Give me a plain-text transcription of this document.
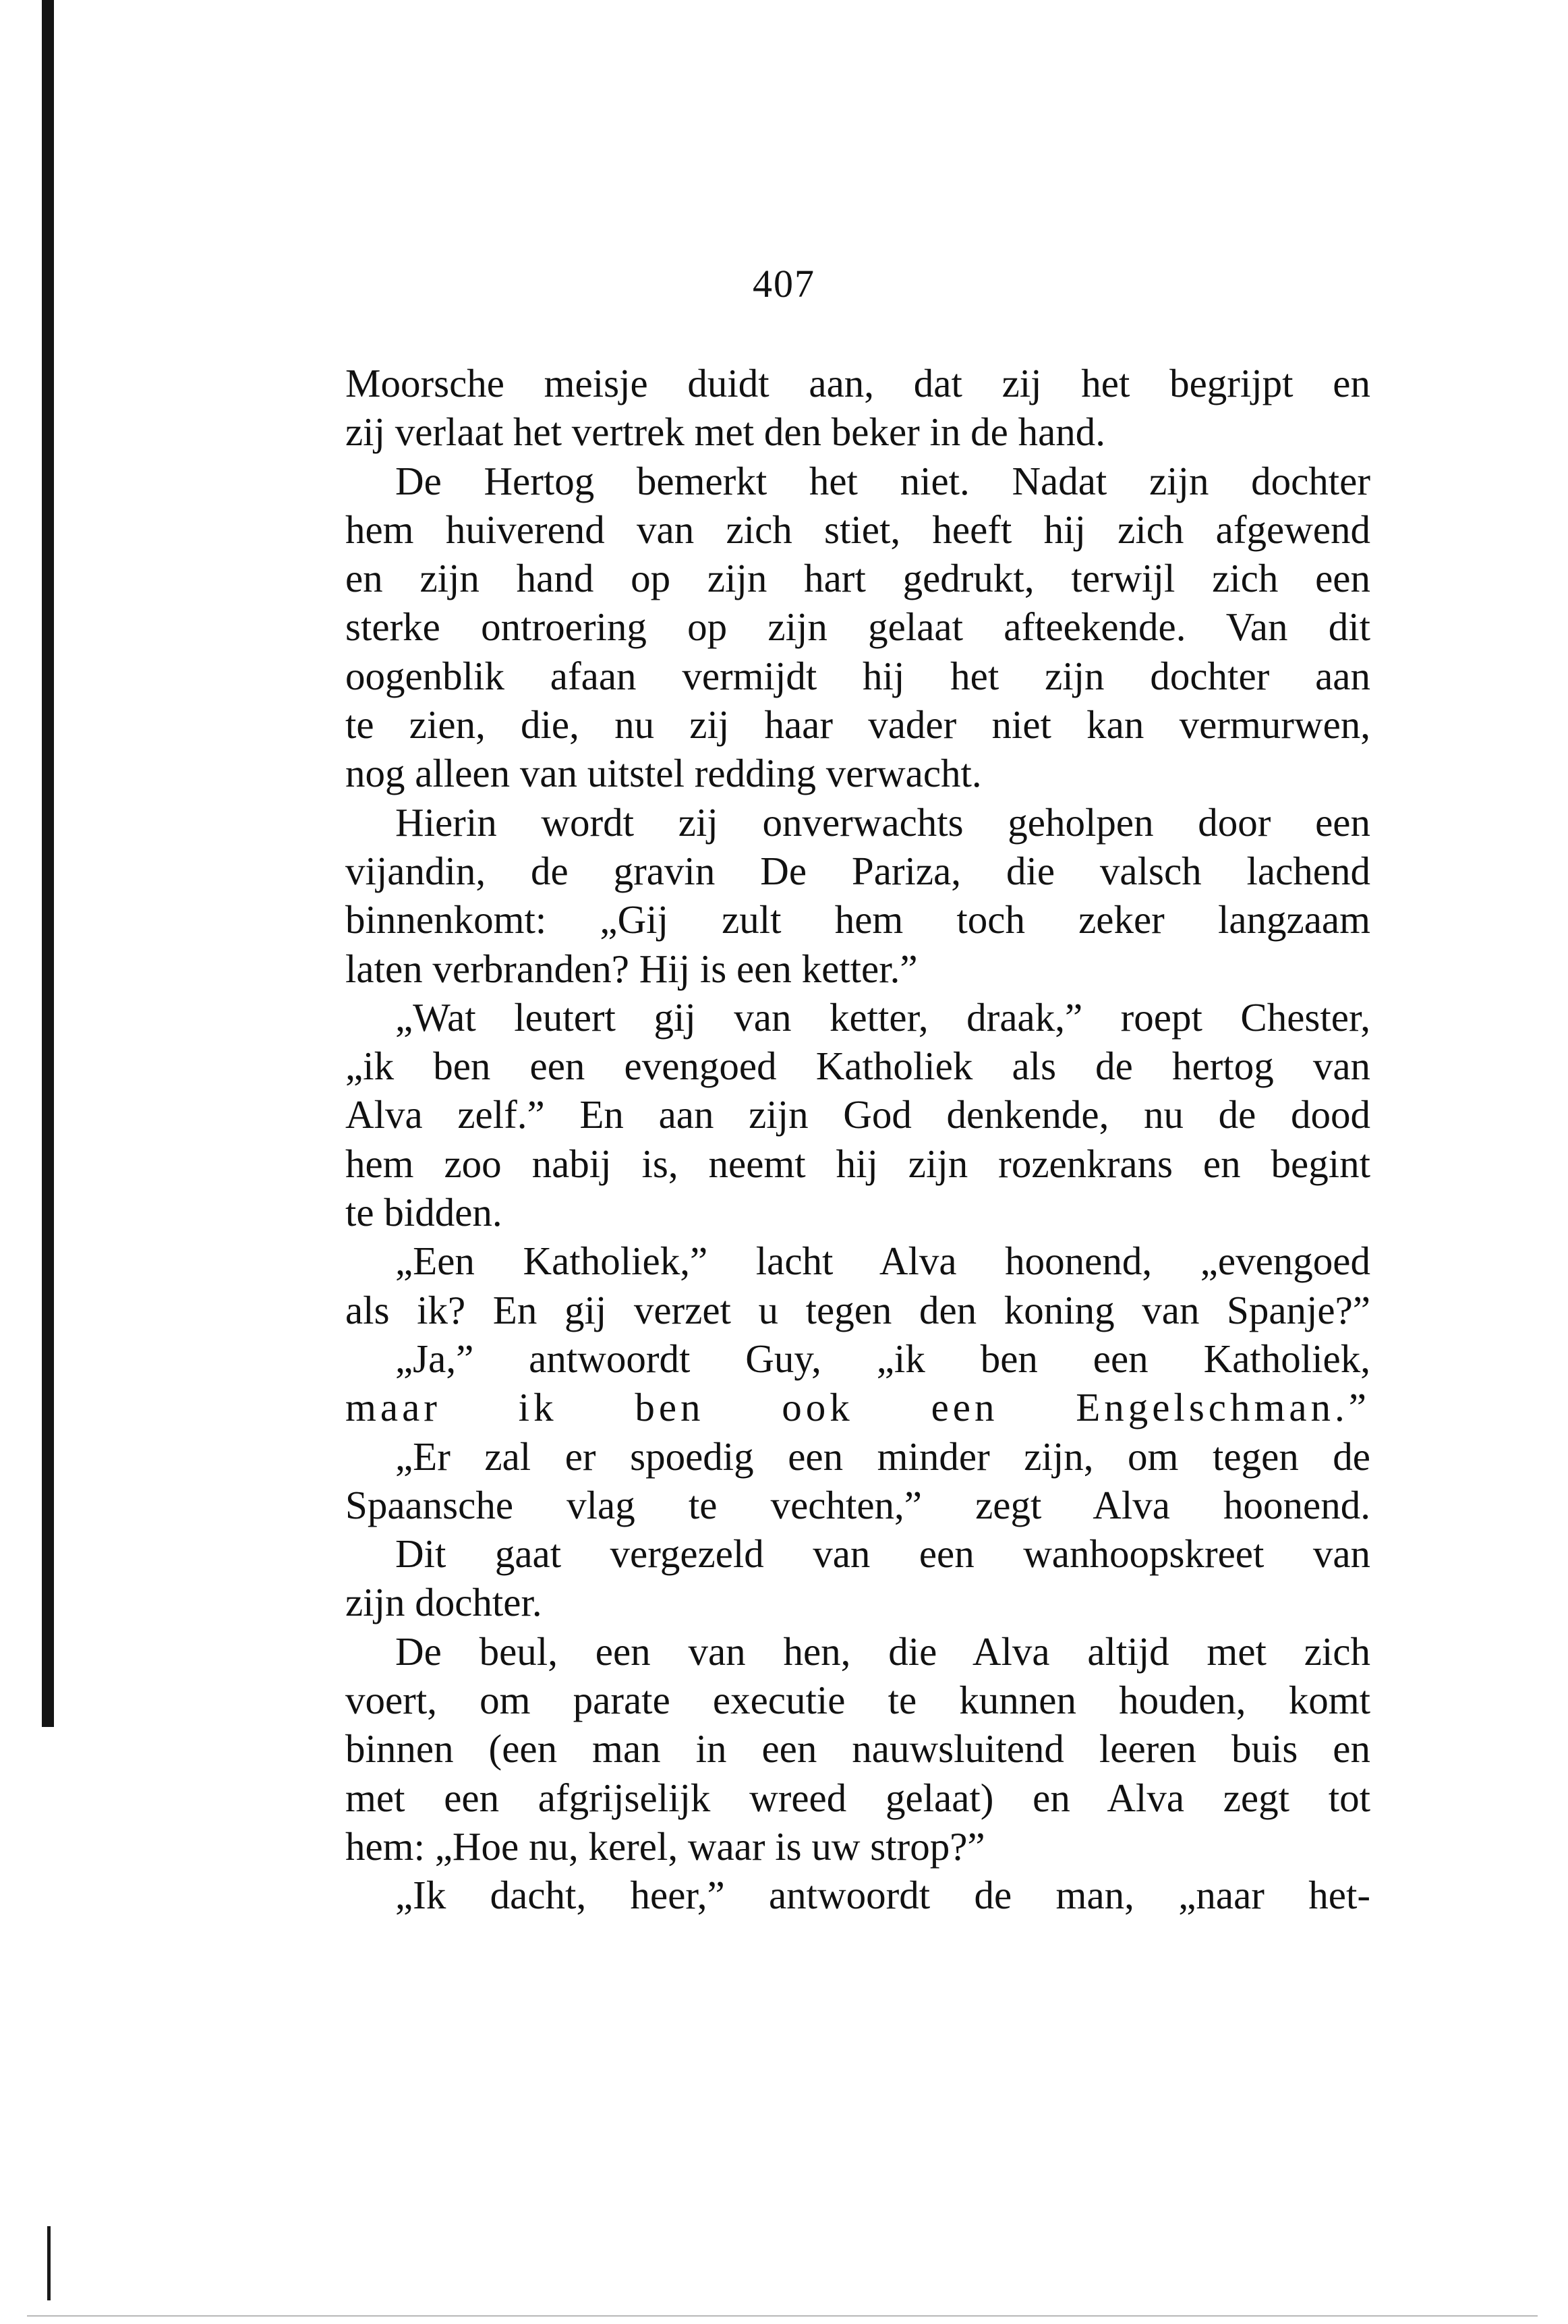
407
Moorsche meisje duidt aan, dat zij het begrijpt en
zij verlaat het vertrek met den beker in de hand.
De Hertog bemerkt het niet. Nadat zijn dochter
hem huiverend van zich stiet, heeft hij zich afgewend
en zijn hand op zijn hart gedrukt, terwijl zich een
sterke ontroering op zijn gelaat afteekende. Van dit
oogenblik afaan vermijdt hij het zijn dochter aan
te zien, die, nu zij haar vader niet kan vermurwen,
nog alleen van uitstel redding verwacht.
Hierin wordt zij onverwachts geholpen door een
vijandin, de gravin De Pariza, die valsch lachend
binnenkomt: „Gij zult hem toch zeker langzaam
laten verbranden? Hij is een ketter.”
„Wat leutert gij van ketter, draak,” roept Chester,
„ik ben een evengoed Katholiek als de hertog van
Alva zelf.” En aan zijn God denkende, nu de dood
hem zoo nabij is, neemt hij zijn rozenkrans en begint
te bidden.
„Een Katholiek,” lacht Alva hoonend, „evengoed
als ik? En gij verzet u tegen den koning van Spanje?”
„Ja,” antwoordt Guy, „ik ben een Katholiek,
maar ik ben ook een Engelschman.”
„Er zal er spoedig een minder zijn, om tegen de
Spaansche vlag te vechten,” zegt Alva hoonend.
Dit gaat vergezeld van een wanhoopskreet van
zijn dochter.
De beul, een van hen, die Alva altijd met zich
voert, om parate executie te kunnen houden, komt
binnen (een man in een nauwsluitend leeren buis en
met een afgrijselijk wreed gelaat) en Alva zegt tot
hem: „Hoe nu, kerel, waar is uw strop?”
„Ik dacht, heer,” antwoordt de man, „naar het-
